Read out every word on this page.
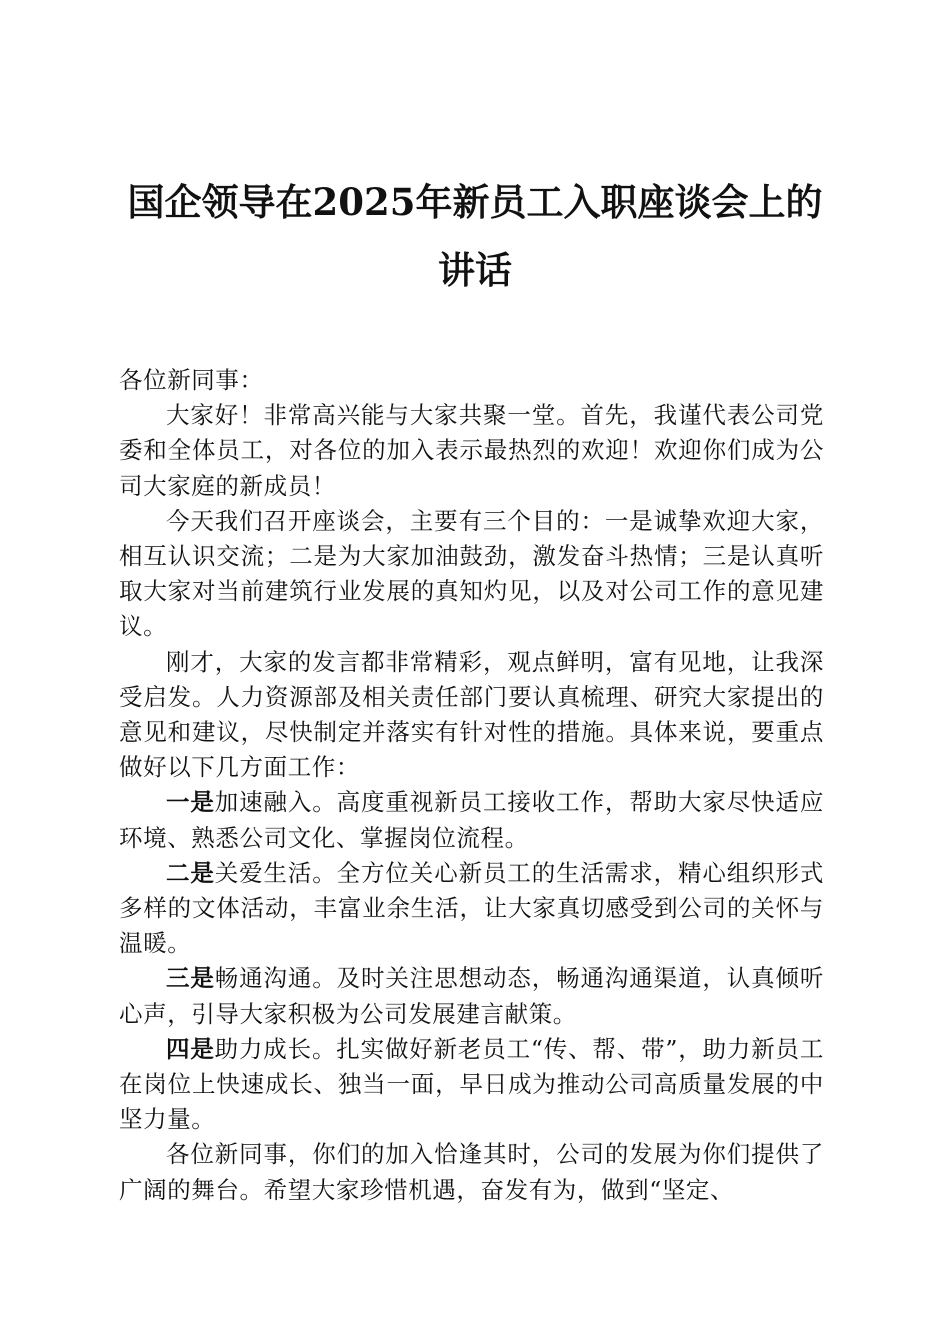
国企领导在2025年新员工入职座谈会上的讲话

各位新同事：

大家好！非常高兴能与大家共聚一堂。首先，我谨代表公司党委和全体员工，对各位的加入表示最热烈的欢迎！欢迎你们成为公司大家庭的新成员！

今天我们召开座谈会，主要有三个目的：一是诚挚欢迎大家，相互认识交流；二是为大家加油鼓劲，激发奋斗热情；三是认真听取大家对当前建筑行业发展的真知灼见，以及对公司工作的意见建议。

刚才，大家的发言都非常精彩，观点鲜明，富有见地，让我深受启发。人力资源部及相关责任部门要认真梳理、研究大家提出的意见和建议，尽快制定并落实有针对性的措施。具体来说，要重点做好以下几方面工作：

一是加速融入。高度重视新员工接收工作，帮助大家尽快适应环境、熟悉公司文化、掌握岗位流程。

二是关爱生活。全方位关心新员工的生活需求，精心组织形式多样的文体活动，丰富业余生活，让大家真切感受到公司的关怀与温暖。

三是畅通沟通。及时关注思想动态，畅通沟通渠道，认真倾听心声，引导大家积极为公司发展建言献策。

四是助力成长。扎实做好新老员工“传、帮、带”，助力新员工在岗位上快速成长、独当一面，早日成为推动公司高质量发展的中坚力量。

各位新同事，你们的加入恰逢其时，公司的发展为你们提供了广阔的舞台。希望大家珍惜机遇，奋发有为，做到“坚定、
